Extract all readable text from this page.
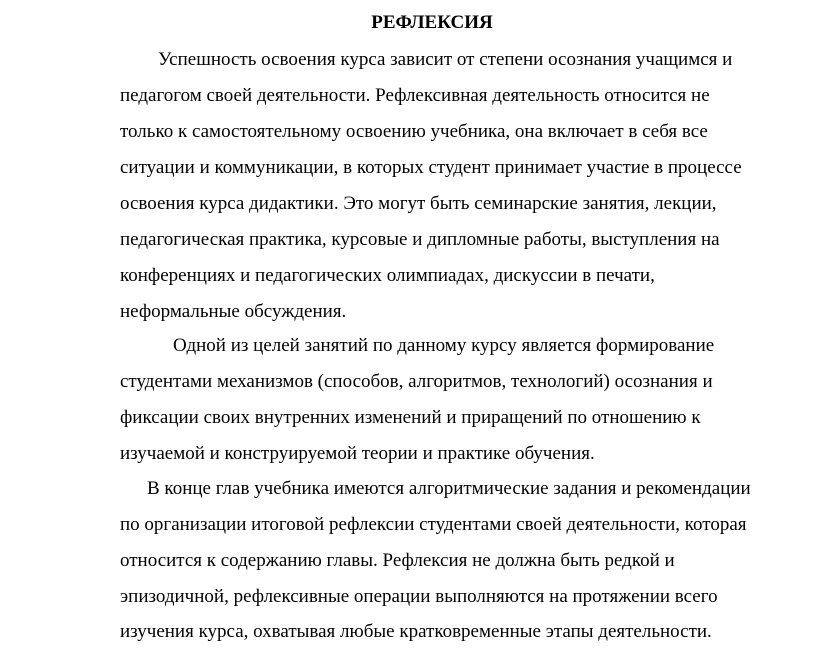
РЕФЛЕКСИЯ
Успешность освоения курса зависит от степени осознания учащимся и
педагогом своей деятельности. Рефлексивная деятельность относится не
только к самостоятельному освоению учебника, она включает в себя все
ситуации и коммуникации, в которых студент принимает участие в процессе
освоения курса дидактики. Это могут быть семинарские занятия, лекции,
педагогическая практика, курсовые и дипломные работы, выступления на
конференциях и педагогических олимпиадах, дискуссии в печати,
неформальные обсуждения.
Одной из целей занятий по данному курсу является формирование
студентами механизмов (способов, алгоритмов, технологий) осознания и
фиксации своих внутренних изменений и приращений по отношению к
изучаемой и конструируемой теории и практике обучения.
В конце глав учебника имеются алгоритмические задания и рекомендации
по организации итоговой рефлексии студентами своей деятельности, которая
относится к содержанию главы. Рефлексия не должна быть редкой и
эпизодичной, рефлексивные операции выполняются на протяжении всего
изучения курса, охватывая любые кратковременные этапы деятельности.
